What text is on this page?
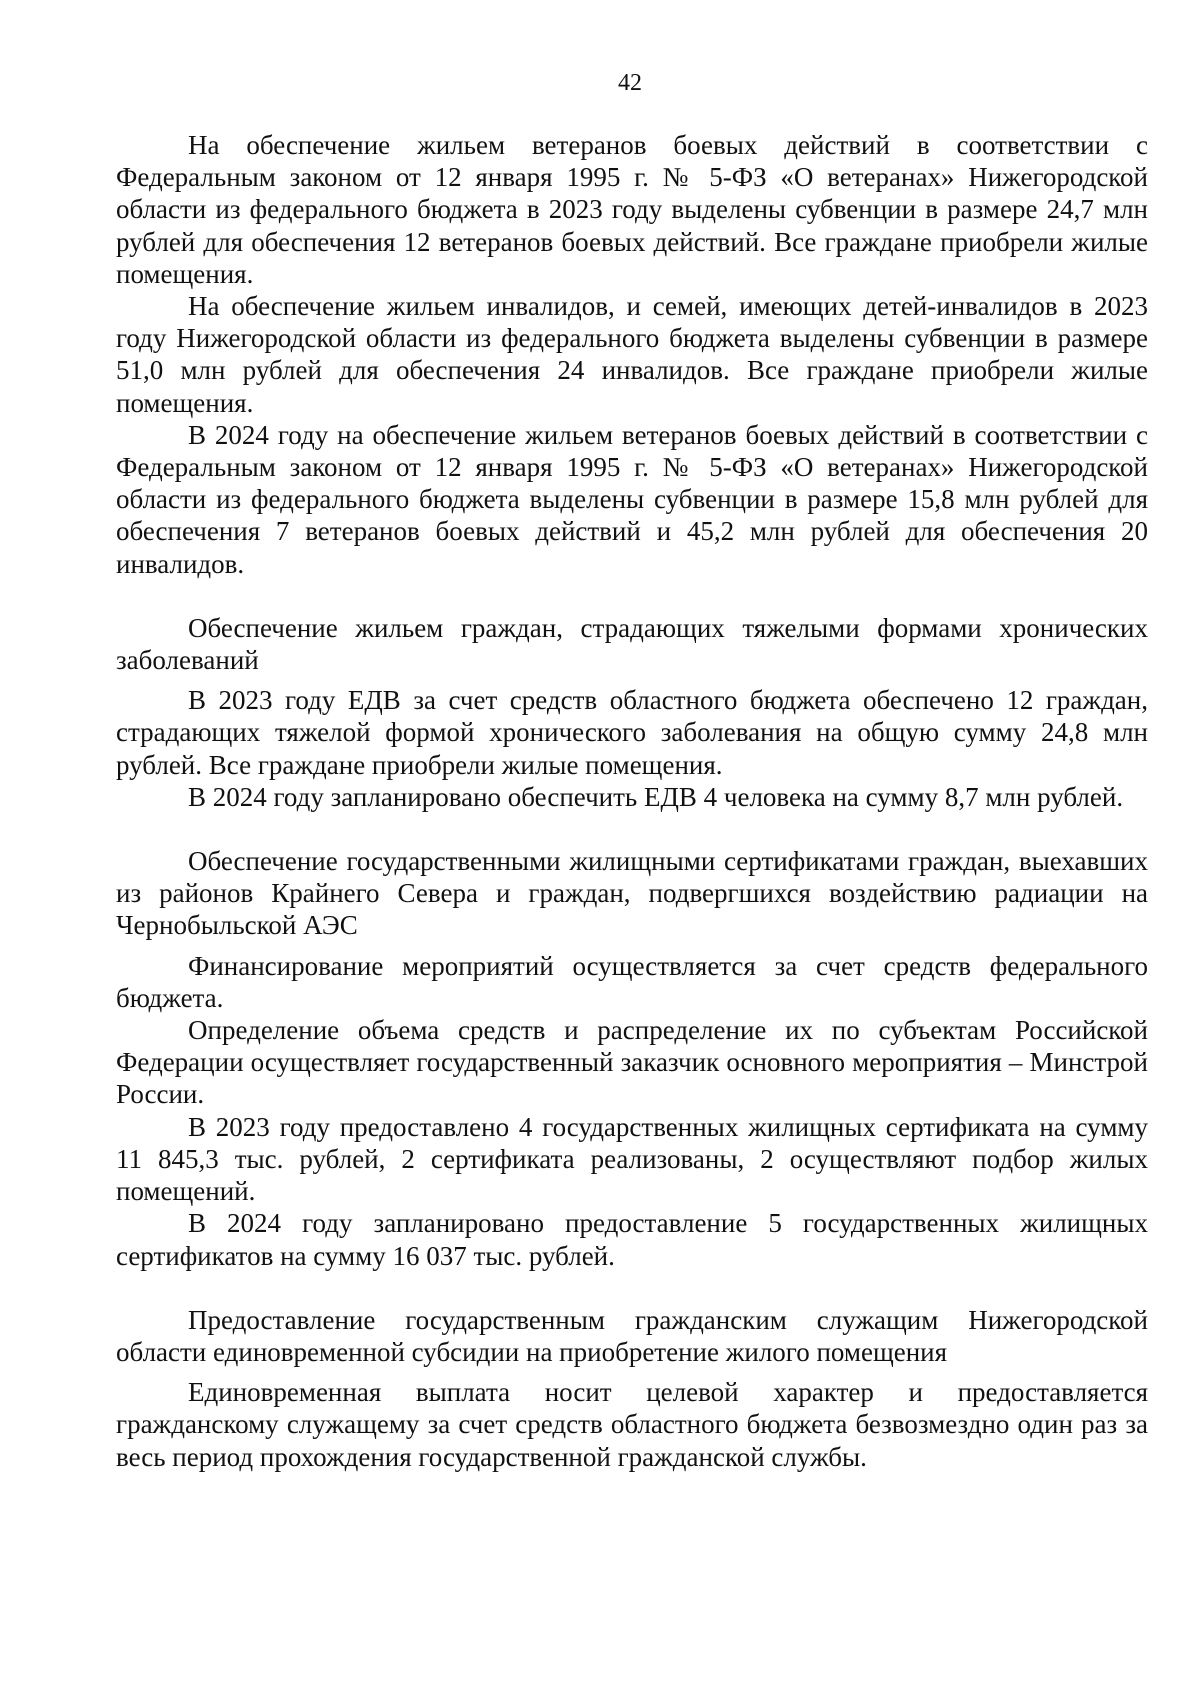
42

На обеспечение жильем ветеранов боевых действий в соответствии с Федеральным законом от 12 января 1995 г. № 5-ФЗ «О ветеранах» Нижегородской области из федерального бюджета в 2023 году выделены субвенции в размере 24,7 млн рублей для обеспечения 12 ветеранов боевых действий. Все граждане приобрели жилые помещения.

На обеспечение жильем инвалидов, и семей, имеющих детей-инвалидов в 2023 году Нижегородской области из федерального бюджета выделены субвенции в размере 51,0 млн рублей для обеспечения 24 инвалидов. Все граждане приобрели жилые помещения.

В 2024 году на обеспечение жильем ветеранов боевых действий в соответствии с Федеральным законом от 12 января 1995 г. № 5-ФЗ «О ветеранах» Нижегородской области из федерального бюджета выделены субвенции в размере 15,8 млн рублей для обеспечения 7 ветеранов боевых действий и 45,2 млн рублей для обеспечения 20 инвалидов.

Обеспечение жильем граждан, страдающих тяжелыми формами хронических заболеваний

В 2023 году ЕДВ за счет средств областного бюджета обеспечено 12 граждан, страдающих тяжелой формой хронического заболевания на общую сумму 24,8 млн рублей. Все граждане приобрели жилые помещения.

В 2024 году запланировано обеспечить ЕДВ 4 человека на сумму 8,7 млн рублей.

Обеспечение государственными жилищными сертификатами граждан, выехавших из районов Крайнего Севера и граждан, подвергшихся воздействию радиации на Чернобыльской АЭС

Финансирование мероприятий осуществляется за счет средств федерального бюджета.

Определение объема средств и распределение их по субъектам Российской Федерации осуществляет государственный заказчик основного мероприятия – Минстрой России.

В 2023 году предоставлено 4 государственных жилищных сертификата на сумму 11 845,3 тыс. рублей, 2 сертификата реализованы, 2 осуществляют подбор жилых помещений.

В 2024 году запланировано предоставление 5 государственных жилищных сертификатов на сумму 16 037 тыс. рублей.

Предоставление государственным гражданским служащим Нижегородской области единовременной субсидии на приобретение жилого помещения

Единовременная выплата носит целевой характер и предоставляется гражданскому служащему за счет средств областного бюджета безвозмездно один раз за весь период прохождения государственной гражданской службы.
